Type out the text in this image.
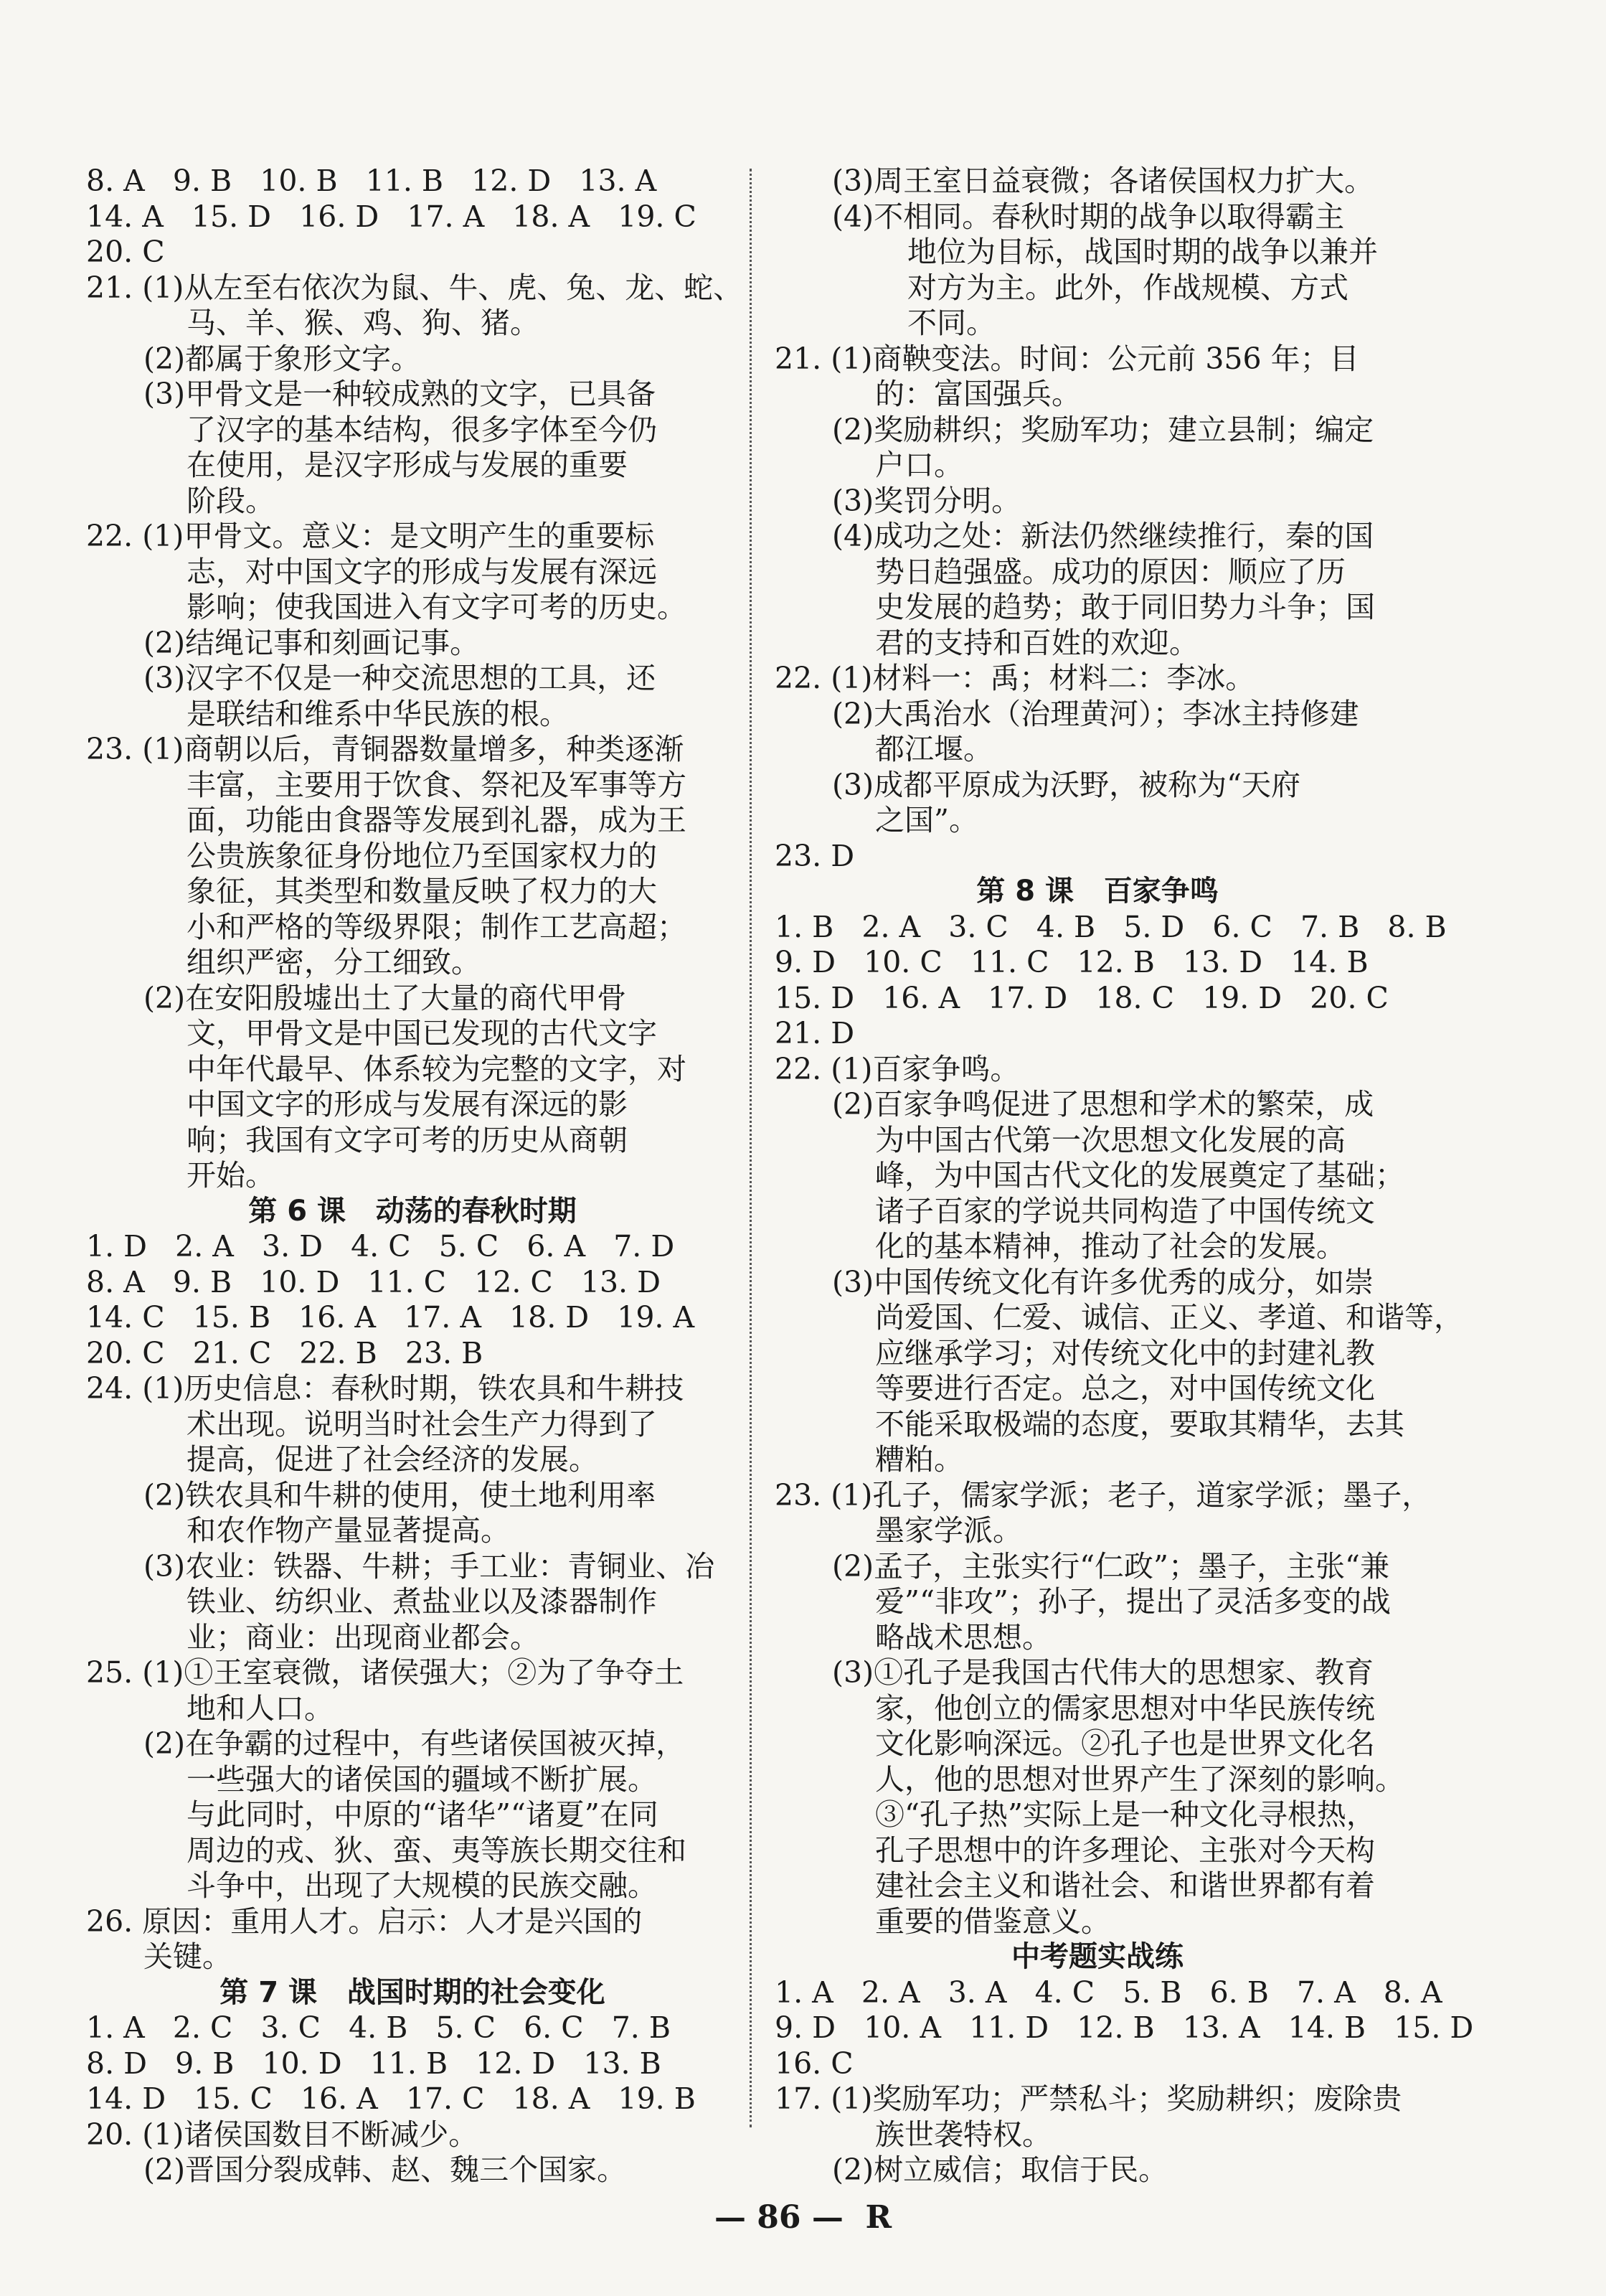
8. A   9. B   10. B   11. B   12. D   13. A
14. A   15. D   16. D   17. A   18. A   19. C
20. C
21. (1)从左至右依次为鼠、牛、虎、兔、龙、蛇、
马、羊、猴、鸡、狗、猪。
(2)都属于象形文字。
(3)甲骨文是一种较成熟的文字，已具备
了汉字的基本结构，很多字体至今仍
在使用，是汉字形成与发展的重要
阶段。
22. (1)甲骨文。意义：是文明产生的重要标
志，对中国文字的形成与发展有深远
影响；使我国进入有文字可考的历史。
(2)结绳记事和刻画记事。
(3)汉字不仅是一种交流思想的工具，还
是联结和维系中华民族的根。
23. (1)商朝以后，青铜器数量增多，种类逐渐
丰富，主要用于饮食、祭祀及军事等方
面，功能由食器等发展到礼器，成为王
公贵族象征身份地位乃至国家权力的
象征，其类型和数量反映了权力的大
小和严格的等级界限；制作工艺高超；
组织严密，分工细致。
(2)在安阳殷墟出土了大量的商代甲骨
文，甲骨文是中国已发现的古代文字
中年代最早、体系较为完整的文字，对
中国文字的形成与发展有深远的影
响；我国有文字可考的历史从商朝
开始。
第 6 课   动荡的春秋时期
1. D   2. A   3. D   4. C   5. C   6. A   7. D
8. A   9. B   10. D   11. C   12. C   13. D
14. C   15. B   16. A   17. A   18. D   19. A
20. C   21. C   22. B   23. B
24. (1)历史信息：春秋时期，铁农具和牛耕技
术出现。说明当时社会生产力得到了
提高，促进了社会经济的发展。
(2)铁农具和牛耕的使用，使土地利用率
和农作物产量显著提高。
(3)农业：铁器、牛耕；手工业：青铜业、冶
铁业、纺织业、煮盐业以及漆器制作
业；商业：出现商业都会。
25. (1)①王室衰微，诸侯强大；②为了争夺土
地和人口。
(2)在争霸的过程中，有些诸侯国被灭掉，
一些强大的诸侯国的疆域不断扩展。
与此同时，中原的“诸华”“诸夏”在同
周边的戎、狄、蛮、夷等族长期交往和
斗争中，出现了大规模的民族交融。
26. 原因：重用人才。启示：人才是兴国的
关键。
第 7 课   战国时期的社会变化
1. A   2. C   3. C   4. B   5. C   6. C   7. B
8. D   9. B   10. D   11. B   12. D   13. B
14. D   15. C   16. A   17. C   18. A   19. B
20. (1)诸侯国数目不断减少。
(2)晋国分裂成韩、赵、魏三个国家。
(3)周王室日益衰微；各诸侯国权力扩大。
(4)不相同。春秋时期的战争以取得霸主
地位为目标，战国时期的战争以兼并
对方为主。此外，作战规模、方式
不同。
21. (1)商鞅变法。时间：公元前 356 年；目
的：富国强兵。
(2)奖励耕织；奖励军功；建立县制；编定
户口。
(3)奖罚分明。
(4)成功之处：新法仍然继续推行，秦的国
势日趋强盛。成功的原因：顺应了历
史发展的趋势；敢于同旧势力斗争；国
君的支持和百姓的欢迎。
22. (1)材料一：禹；材料二：李冰。
(2)大禹治水（治理黄河）；李冰主持修建
都江堰。
(3)成都平原成为沃野，被称为“天府
之国”。
23. D
第 8 课   百家争鸣
1. B   2. A   3. C   4. B   5. D   6. C   7. B   8. B
9. D   10. C   11. C   12. B   13. D   14. B
15. D   16. A   17. D   18. C   19. D   20. C
21. D
22. (1)百家争鸣。
(2)百家争鸣促进了思想和学术的繁荣，成
为中国古代第一次思想文化发展的高
峰，为中国古代文化的发展奠定了基础；
诸子百家的学说共同构造了中国传统文
化的基本精神，推动了社会的发展。
(3)中国传统文化有许多优秀的成分，如崇
尚爱国、仁爱、诚信、正义、孝道、和谐等，
应继承学习；对传统文化中的封建礼教
等要进行否定。总之，对中国传统文化
不能采取极端的态度，要取其精华，去其
糟粕。
23. (1)孔子，儒家学派；老子，道家学派；墨子，
墨家学派。
(2)孟子，主张实行“仁政”；墨子，主张“兼
爱”“非攻”；孙子，提出了灵活多变的战
略战术思想。
(3)①孔子是我国古代伟大的思想家、教育
家，他创立的儒家思想对中华民族传统
文化影响深远。②孔子也是世界文化名
人，他的思想对世界产生了深刻的影响。
③“孔子热”实际上是一种文化寻根热，
孔子思想中的许多理论、主张对今天构
建社会主义和谐社会、和谐世界都有着
重要的借鉴意义。
中考题实战练
1. A   2. A   3. A   4. C   5. B   6. B   7. A   8. A
9. D   10. A   11. D   12. B   13. A   14. B   15. D
16. C
17. (1)奖励军功；严禁私斗；奖励耕织；废除贵
族世袭特权。
(2)树立威信；取信于民。
— 86 —  R
